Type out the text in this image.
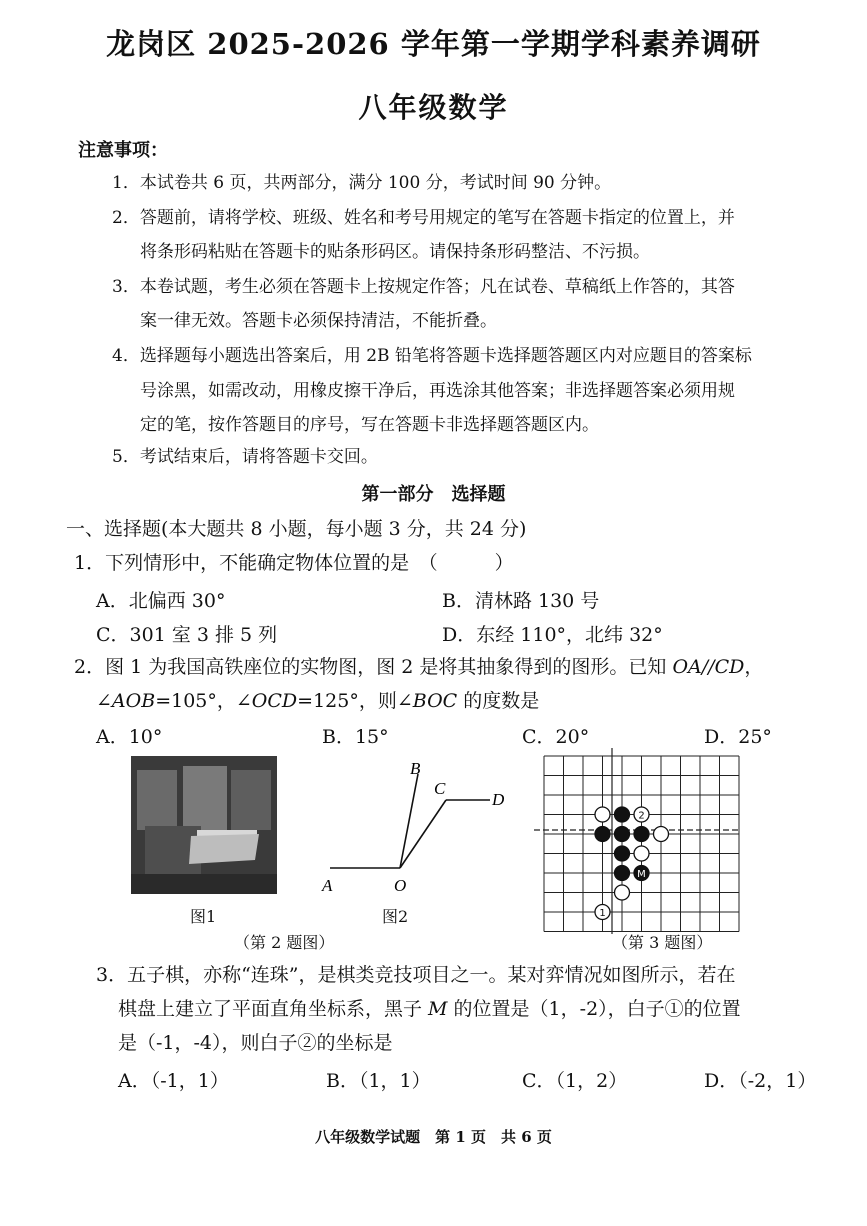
龙岗区 2025-2026 学年第一学期学科素养调研
八年级数学
注意事项：
1．本试卷共 6 页，共两部分，满分 100 分，考试时间 90 分钟。
2．答题前，请将学校、班级、姓名和考号用规定的笔写在答题卡指定的位置上，并
将条形码粘贴在答题卡的贴条形码区。请保持条形码整洁、不污损。
3．本卷试题，考生必须在答题卡上按规定作答；凡在试卷、草稿纸上作答的，其答
案一律无效。答题卡必须保持清洁，不能折叠。
4．选择题每小题选出答案后，用 2B 铅笔将答题卡选择题答题区内对应题目的答案标
号涂黑，如需改动，用橡皮擦干净后，再选涂其他答案；非选择题答案必须用规
定的笔，按作答题目的序号，写在答题卡非选择题答题区内。
5．考试结束后，请将答题卡交回。
第一部分　选择题
一、选择题(本大题共 8 小题，每小题 3 分，共 24 分)
1．下列情形中，不能确定物体位置的是　（　　　）
A．北偏西 30°	B．清林路 130 号
C．301 室 3 排 5 列	D．东经 110°，北纬 32°
2．图 1 为我国高铁座位的实物图，图 2 是将其抽象得到的图形。已知 OA//CD，
∠AOB=105°，∠OCD=125°，则∠BOC 的度数是
A．10°	B．15°	C．20°	D．25°
图1
A	O
B
C
D
图2
（第 2 题图）
2
M
1
（第 3 题图）
3．五子棋，亦称“连珠”，是棋类竞技项目之一。某对弈情况如图所示，若在
棋盘上建立了平面直角坐标系，黑子 M 的位置是（1，-2），白子①的位置
是（-1，-4），则白子②的坐标是
A．（-1，1）	B．（1，1）	C．（1，2）	D．（-2，1）
八年级数学试题　第 1 页　共 6 页
